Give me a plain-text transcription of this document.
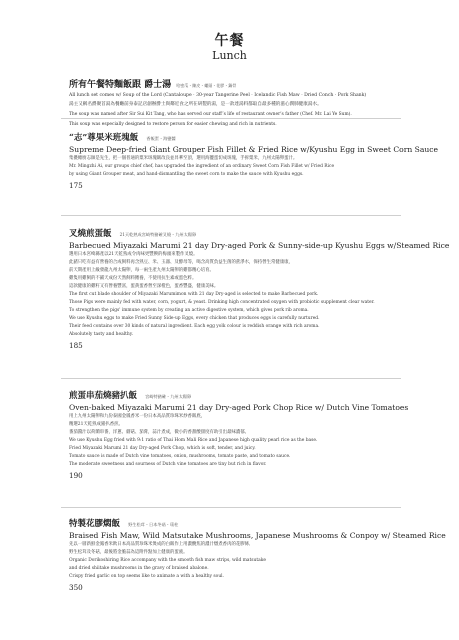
午餐
Lunch
所有午餐特麵飯跟 爵士湯 哈密瓜・陳皮・螺頭・花膠・鍋骨
All lunch set comes w/ Soup of the Lord (Cantaloupe · 30-year Tangerine Peel · Icelandic Fish Maw · Dried Conch · Pork Shank)
湯主又稱名爵聚首湯為餐廳前身泰記店創辦爵士與鄰近食之所在研製的湯，是一款達湯料都取自最多種的滋心潤肺健康湯水。
The soup was named after Sir Sui Kit Tang, who has served our staff’s life of restaurant owner’s father (Chef. Mr. Lai Ye Sum).
This soup was especially designed to restore person for easier chewing and rich in nutrients.
“志”尊果米班塊飯 香飯蛋・海鹽醬
Supreme Deep-fried Giant Grouper Fish Fillet & Fried Rice w/Kyushu Egg in Sweet Corn Sauce
集優總廚志師是先生，把一個普通的粟米斑塊飯改良並昇華至頂，選用海鹽蛋切成斑塊，手拆粟米，九州太陽卵蛋汁。
Mr. Mingzhi Ai, our groups chief chef, has upgraded the ingredient of an ordinary Sweet Corn Fish Fillet w/ Fried Rice
by using Giant Grouper meat, and hand-dismantling the sweet corn to make the sauce with Kyushu eggs.
175
叉燒煎蛋飯 21天乾熟成宮崎特豬確叉燒・九州太陽卵
Barbecued Miyazaki Marumi 21 day Dry-aged Pork & Sunny-side-up Kyushu Eggs w/Steamed Rice
選用日本宮崎縣產以21天乾熟成令肉味更豐腴的梅頭來製作叉燒。
此豬只吃有益有營養的合成飼料再含熟豆、米、玉器、及酵母等，喝含高質負益生菌的蔗淨水，保持營生常健康康，
前天期產用上級發龍九州太陽卵，每一兩生產九州太陽卵的雞都精心培育。
雞隻用雞飼的不鋪天成份天然飼料餵養，不使用抗生素或蛋色粹。
這款健康的雞籽又有營養豐富，蛋黃蛋香營至深橙色，蛋香豐盛，健康美味。
The first cut blade shoulder of Miyazaki Marumimon with 21 day Dry-aged is selected to make Barbecued pork.
Those Pigs were mainly fed with water, corn, yogurt, & yeast. Drinking high concentrated oxygen with probiotic supplement clear water.
To strengthen the pigs' immune system by creating an active digestive system, which gives pork rib aroma.
We use Kyushu eggs to make Fried Sunny Side-up Eggs, every chicken that produces eggs is carefully nurtured.
Their feed contains over 30 kinds of natural ingredient. Each egg yolk colour is reddish orange with rich aroma.
Absolutely tasty and healthy.
185
煎蛋串茄燒豬扒飯 宮崎特豬確・九州太陽卵
Oven-baked Miyazaki Marumi 21 day Dry-aged Pork Chop Rice w/ Dutch Vine Tomatoes
用上九州太陽卵和九份泰國金鳳香米一份日本高品質珍珠米炒香飯底，
精選21天乾熟成豬扒香煎。
番茄醬汁以荷蘭串番，洋蔥、蘑菇、茄膏，蒜汁煮成，微小的香甜酸甜度有助引出最味濃郁。
We use Kyushu Egg fried with 9:1 ratio of Thai Hom Mali Rice and Japanese high quality pearl rice as the base.
Fried Miyazaki Marumi 21 day Dry-aged Pork Chop, which is soft, tender, and juicy.
Tomato sauce is made of Dutch vine tomatoes, onion, mushrooms, tomato paste, and tomato sauce.
The moderate sweetness and sourness of Dutch vine tomatoes are tiny but rich in flavor.
190
特製花膠燜飯 野生松茸・日本冬菇・瑤柱
Braised Fish Maw, Wild Matsutake Mushrooms, Japanese Mushrooms & Conpoy w/ Steamed Rice
先以一層新鮮金鳳香米飲日本高品質珍珠米煲成的白飯作上用濃醃焦的濃汁燉煮香肉的花膠條,
野生松茸及冬菇，最後將金脆蒜為這附件點加上健康的蛋液。
Organic Dorikoshiring Rice accompany with the smooth fish maw strips, wild matsutake
and dried shiitake mushrooms in the gravy of braised abalone.
Crispy fried garlic on top seems like to animate a with a healthy soul.
350
